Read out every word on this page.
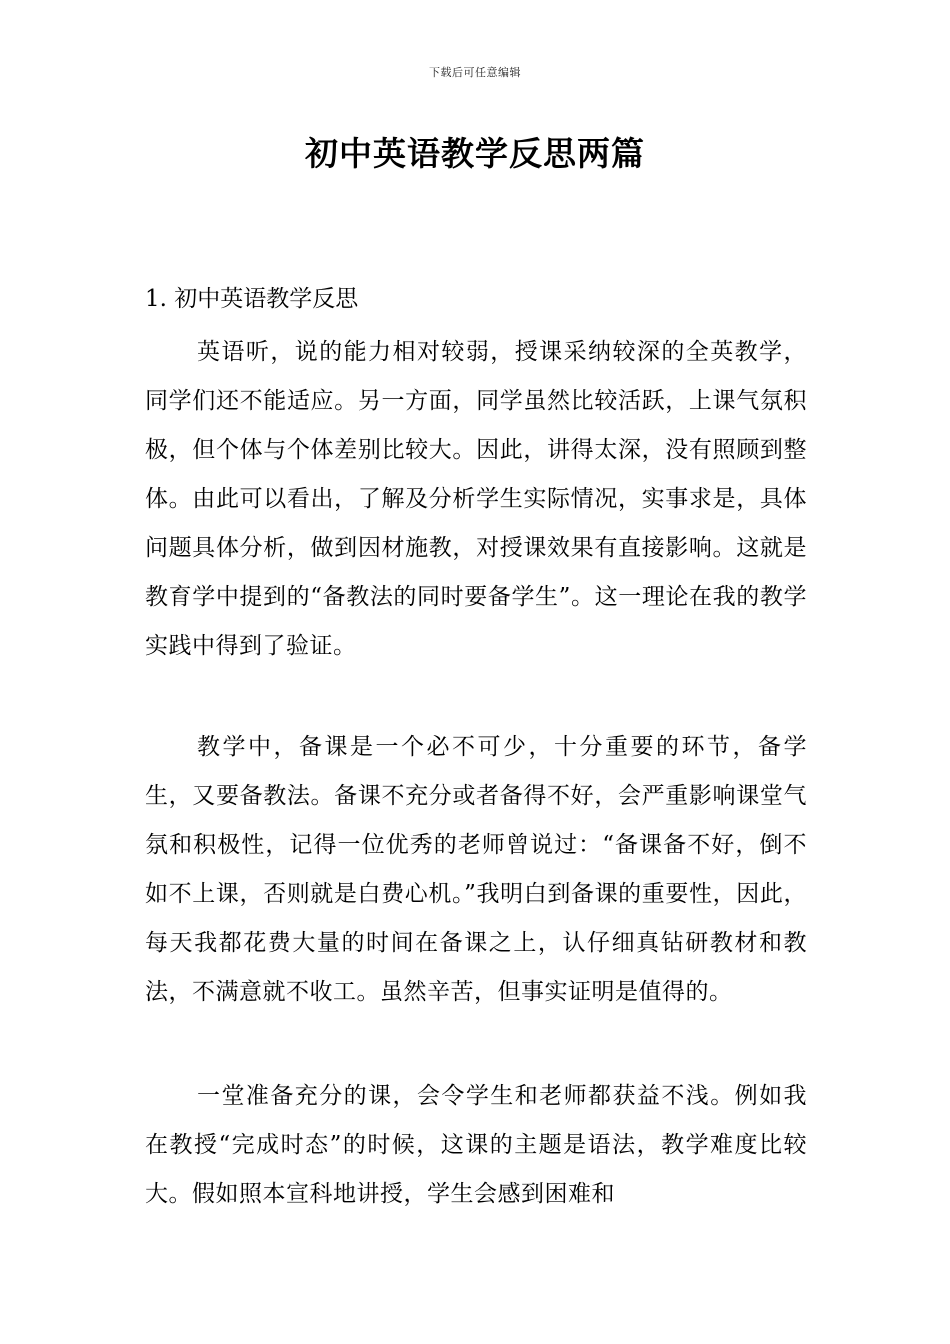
下载后可任意编辑
初中英语教学反思两篇
1. 初中英语教学反思

英语听，说的能力相对较弱，授课采纳较深的全英教学，同学们还不能适应。另一方面，同学虽然比较活跃，上课气氛积极，但个体与个体差别比较大。因此，讲得太深，没有照顾到整体。由此可以看出，了解及分析学生实际情况，实事求是，具体问题具体分析，做到因材施教，对授课效果有直接影响。这就是教育学中提到的“备教法的同时要备学生”。这一理论在我的教学实践中得到了验证。

教学中，备课是一个必不可少，十分重要的环节，备学生，又要备教法。备课不充分或者备得不好，会严重影响课堂气氛和积极性，记得一位优秀的老师曾说过：“备课备不好，倒不如不上课，否则就是白费心机。”我明白到备课的重要性，因此，每天我都花费大量的时间在备课之上，认仔细真钻研教材和教法，不满意就不收工。虽然辛苦，但事实证明是值得的。

一堂准备充分的课，会令学生和老师都获益不浅。例如我在教授“完成时态”的时候，这课的主题是语法，教学难度比较大。假如照本宣科地讲授，学生会感到困难和
